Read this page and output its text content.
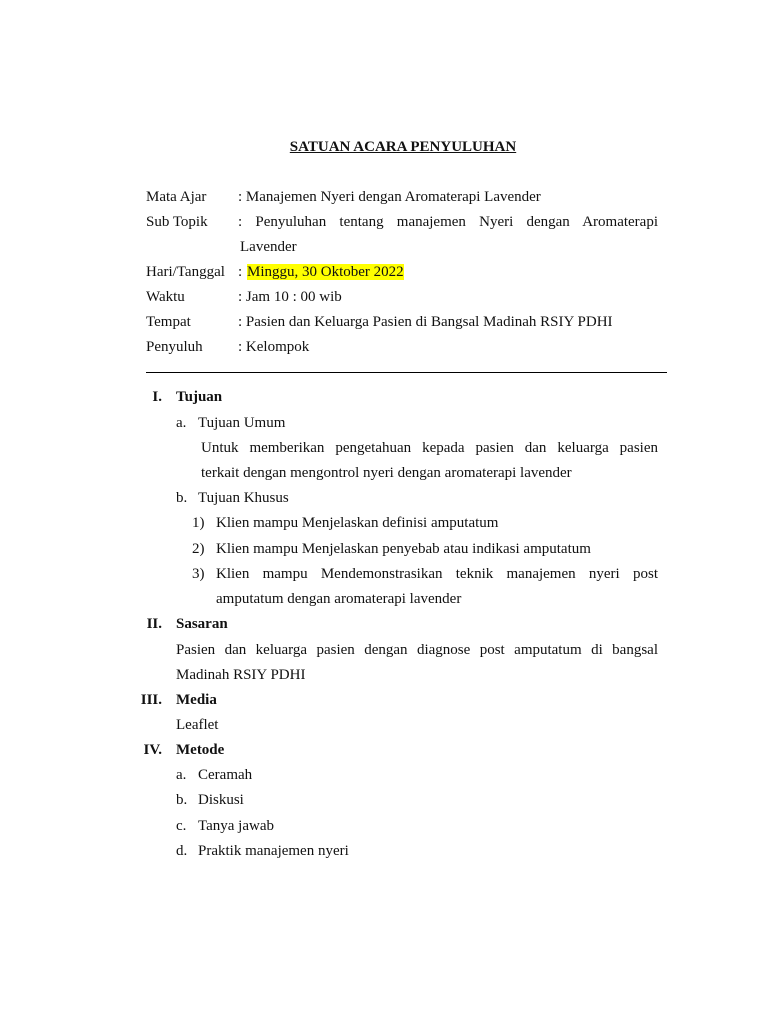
SATUAN ACARA PENYULUHAN
Mata Ajar : Manajemen Nyeri dengan Aromaterapi Lavender
Sub Topik : Penyuluhan tentang manajemen Nyeri dengan Aromaterapi
Lavender
Hari/Tanggal : Minggu, 30 Oktober 2022
Waktu	: Jam 10 : 00 wib
Tempat	: Pasien dan Keluarga Pasien di Bangsal Madinah RSIY PDHI
Penyuluh : Kelompok
I. Tujuan
a. Tujuan Umum
Untuk memberikan pengetahuan kepada pasien dan keluarga pasien
terkait dengan mengontrol nyeri dengan aromaterapi lavender
b. Tujuan Khusus
1) Klien mampu Menjelaskan definisi amputatum
2) Klien mampu Menjelaskan penyebab atau indikasi amputatum
3) Klien mampu Mendemonstrasikan teknik manajemen nyeri post
amputatum dengan aromaterapi lavender
II. Sasaran
Pasien dan keluarga pasien dengan diagnose post amputatum di bangsal
Madinah RSIY PDHI
III. Media
Leaflet
IV. Metode
a. Ceramah
b. Diskusi
c. Tanya jawab
d. Praktik manajemen nyeri
